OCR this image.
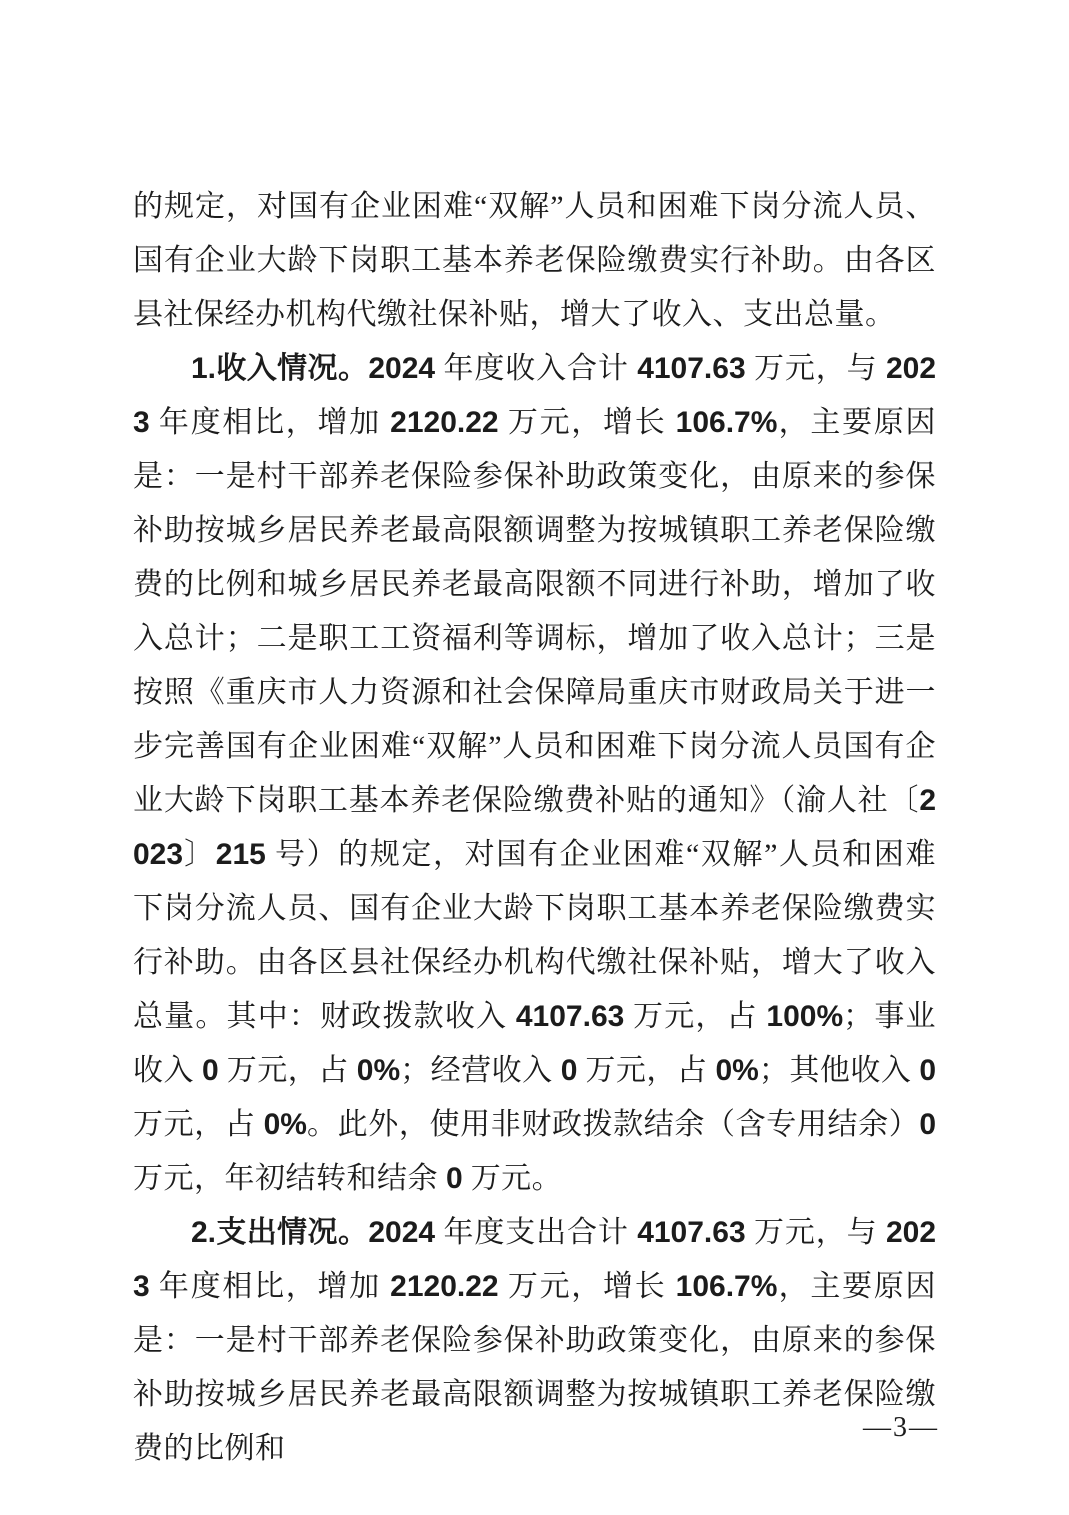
的规定，对国有企业困难“双解”人员和困难下岗分流人员、国有企业大龄下岗职工基本养老保险缴费实行补助。由各区县社保经办机构代缴社保补贴，增大了收入、支出总量。

1.收入情况。2024 年度收入合计 4107.63 万元，与 2023 年度相比，增加 2120.22 万元，增长 106.7%，主要原因是：一是村干部养老保险参保补助政策变化，由原来的参保补助按城乡居民养老最高限额调整为按城镇职工养老保险缴费的比例和城乡居民养老最高限额不同进行补助，增加了收入总计；二是职工工资福利等调标，增加了收入总计；三是按照《重庆市人力资源和社会保障局重庆市财政局关于进一步完善国有企业困难“双解”人员和困难下岗分流人员国有企业大龄下岗职工基本养老保险缴费补贴的通知》（渝人社〔2023〕215 号）的规定，对国有企业困难“双解”人员和困难下岗分流人员、国有企业大龄下岗职工基本养老保险缴费实行补助。由各区县社保经办机构代缴社保补贴，增大了收入总量。其中：财政拨款收入 4107.63 万元，占 100%；事业收入 0 万元，占 0%；经营收入 0 万元，占 0%；其他收入 0 万元，占 0%。此外，使用非财政拨款结余（含专用结余）0 万元，年初结转和结余 0 万元。

2.支出情况。2024 年度支出合计 4107.63 万元，与 2023 年度相比，增加 2120.22 万元，增长 106.7%，主要原因是：一是村干部养老保险参保补助政策变化，由原来的参保补助按城乡居民养老最高限额调整为按城镇职工养老保险缴费的比例和

—3—
